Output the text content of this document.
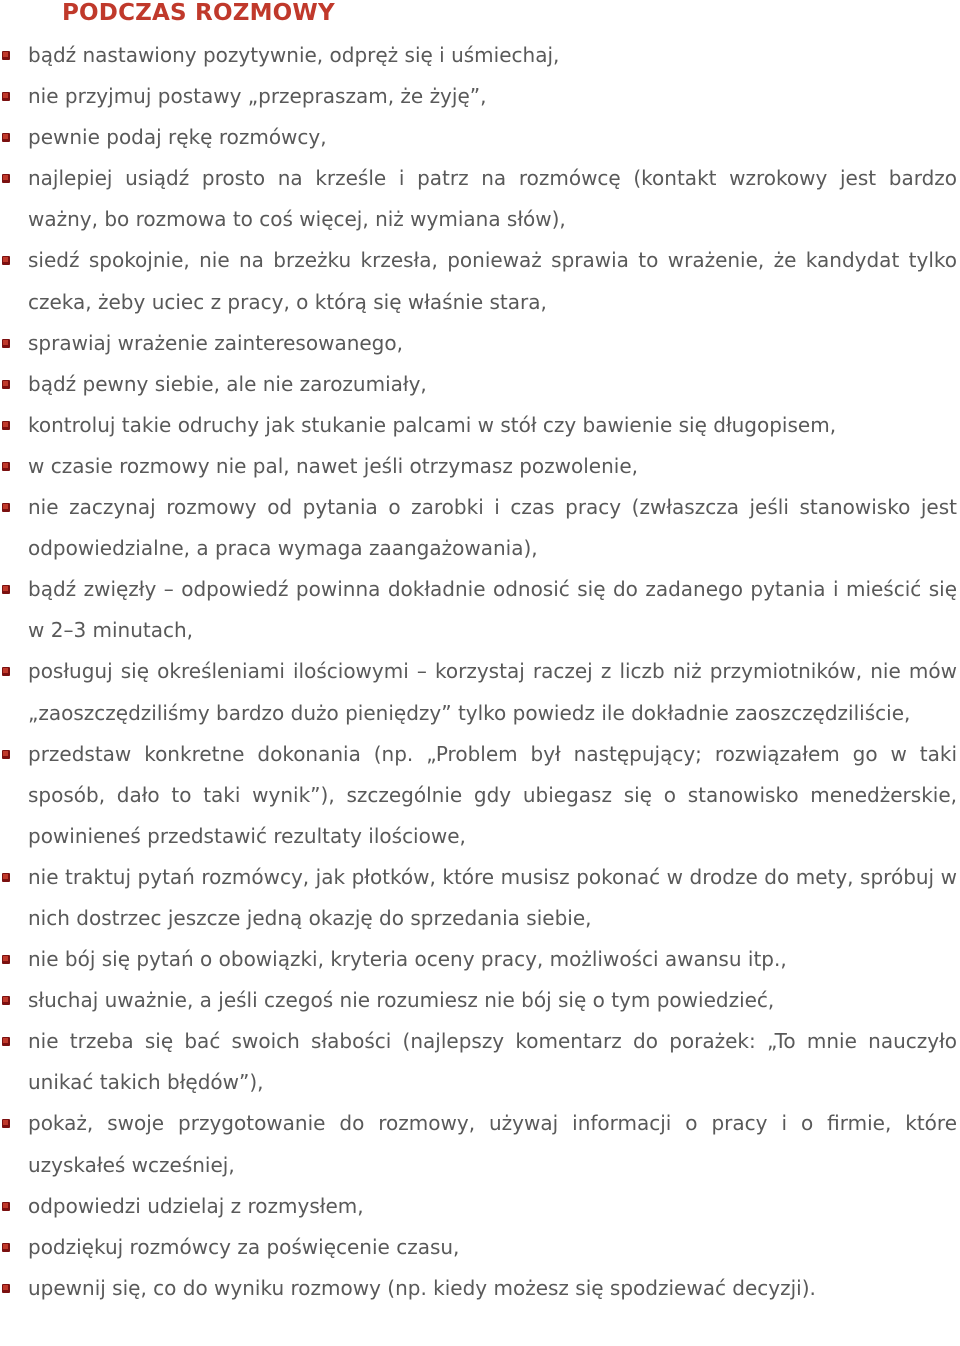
PODCZAS ROZMOWY
bądź nastawiony pozytywnie, odpręż się i uśmiechaj,
nie przyjmuj postawy „przepraszam, że żyję”,
pewnie podaj rękę rozmówcy,
najlepiej usiądź prosto na krześle i patrz na rozmówcę (kontakt wzrokowy jest bardzo ważny, bo rozmowa to coś więcej, niż wymiana słów),
siedź spokojnie, nie na brzeżku krzesła, ponieważ sprawia to wrażenie, że kandydat tylko czeka, żeby uciec z pracy, o którą się właśnie stara,
sprawiaj wrażenie zainteresowanego,
bądź pewny siebie, ale nie zarozumiały,
kontroluj takie odruchy jak stukanie palcami w stół czy bawienie się długopisem,
w czasie rozmowy nie pal, nawet jeśli otrzymasz pozwolenie,
nie zaczynaj rozmowy od pytania o zarobki i czas pracy (zwłaszcza jeśli stanowisko jest odpowiedzialne, a praca wymaga zaangażowania),
bądź zwięzły – odpowiedź powinna dokładnie odnosić się do zadanego pytania i mieścić się w 2–3 minutach,
posługuj się określeniami ilościowymi – korzystaj raczej z liczb niż przymiotników, nie mów „zaoszczędziliśmy bardzo dużo pieniędzy” tylko powiedz ile dokładnie zaoszczędziliście,
przedstaw konkretne dokonania (np. „Problem był następujący; rozwiązałem go w taki sposób, dało to taki wynik”), szczególnie gdy ubiegasz się o stanowisko menedżerskie, powinieneś przedstawić rezultaty ilościowe,
nie traktuj pytań rozmówcy, jak płotków, które musisz pokonać w drodze do mety, spróbuj w nich dostrzec jeszcze jedną okazję do sprzedania siebie,
nie bój się pytań o obowiązki, kryteria oceny pracy, możliwości awansu itp.,
słuchaj uważnie, a jeśli czegoś nie rozumiesz nie bój się o tym powiedzieć,
nie trzeba się bać swoich słabości (najlepszy komentarz do porażek: „To mnie nauczyło unikać takich błędów”),
pokaż, swoje przygotowanie do rozmowy, używaj informacji o pracy i o firmie, które uzyskałeś wcześniej,
odpowiedzi udzielaj z rozmysłem,
podziękuj rozmówcy za poświęcenie czasu,
upewnij się, co do wyniku rozmowy (np. kiedy możesz się spodziewać decyzji).
